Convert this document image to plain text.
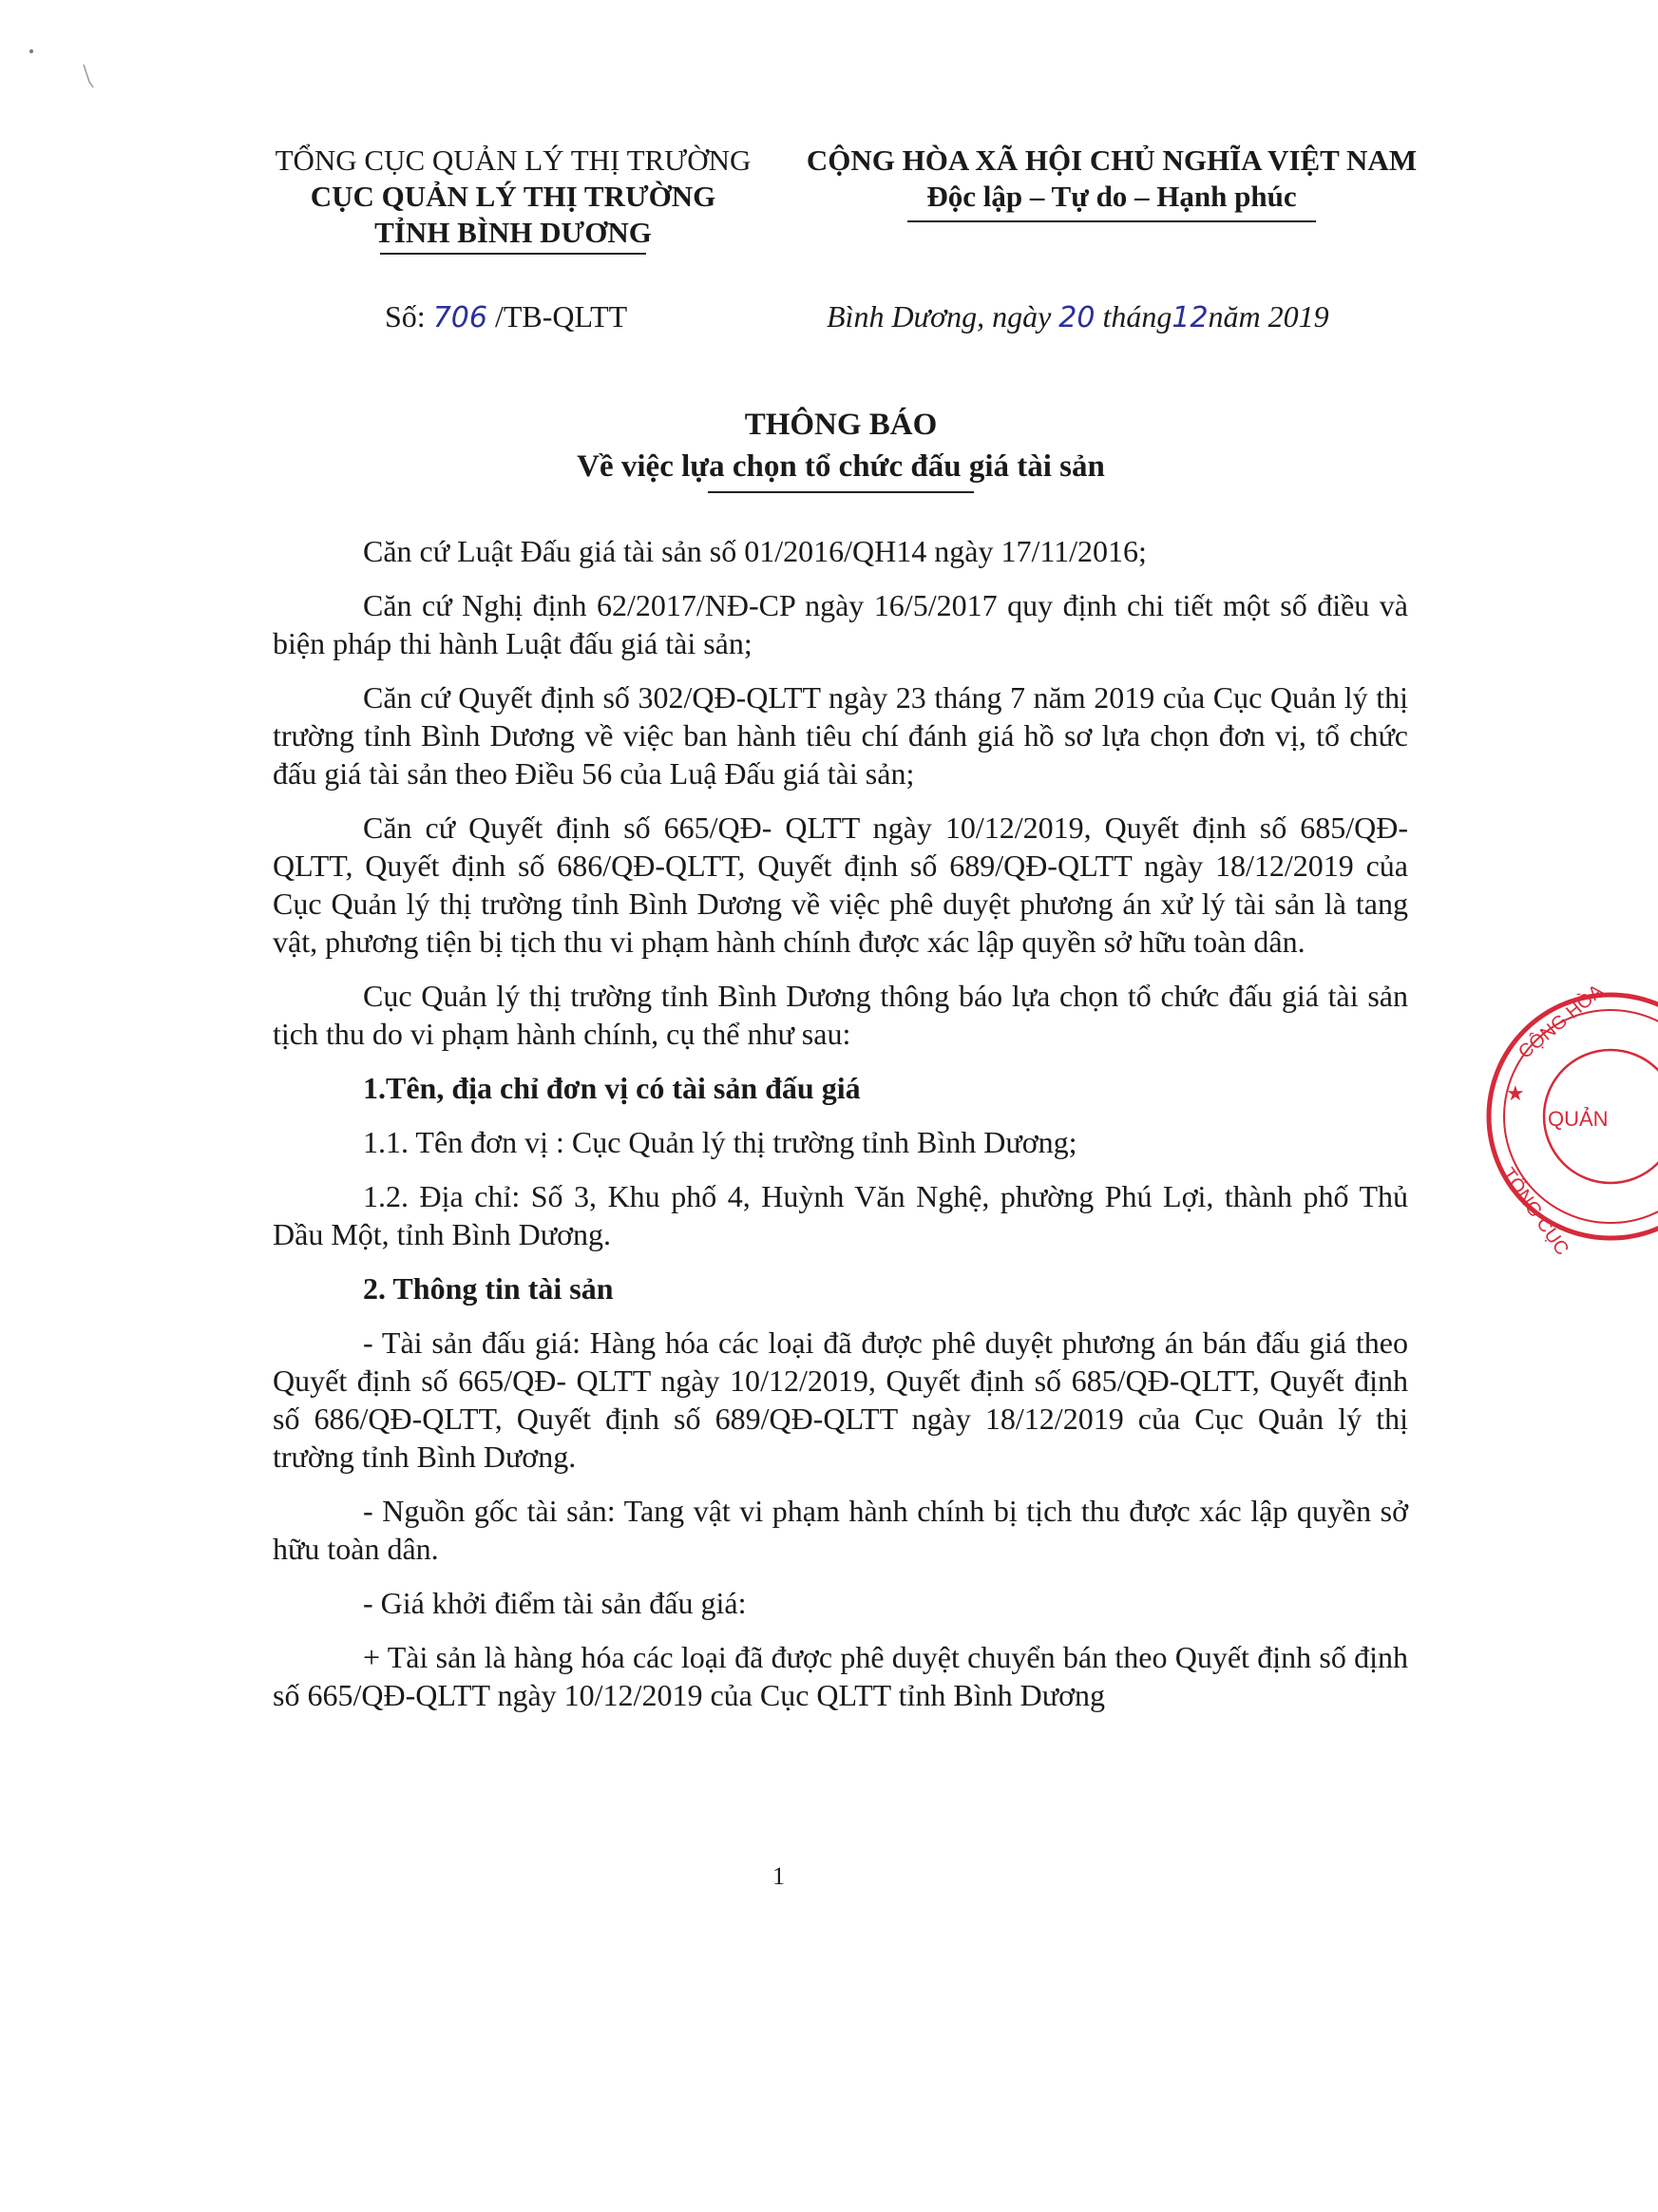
TỔNG CỤC QUẢN LÝ THỊ TRƯỜNG
CỤC QUẢN LÝ THỊ TRƯỜNG
TỈNH BÌNH DƯƠNG
CỘNG HÒA XÃ HỘI CHỦ NGHĨA VIỆT NAM
Độc lập – Tự do – Hạnh phúc
Số: 706 /TB-QLTT	Bình Dương, ngày 20 tháng12năm 2019
THÔNG BÁO
Về việc lựa chọn tổ chức đấu giá tài sản

Căn cứ Luật Đấu giá tài sản số 01/2016/QH14 ngày 17/11/2016;

Căn cứ Nghị định 62/2017/NĐ-CP ngày 16/5/2017 quy định chi tiết một số điều và biện pháp thi hành Luật đấu giá tài sản;

Căn cứ Quyết định số 302/QĐ-QLTT ngày 23 tháng 7 năm 2019 của Cục Quản lý thị trường tỉnh Bình Dương về việc ban hành tiêu chí đánh giá hồ sơ lựa chọn đơn vị, tổ chức đấu giá tài sản theo Điều 56 của Luậ Đấu giá tài sản;

Căn cứ Quyết định số 665/QĐ- QLTT ngày 10/12/2019, Quyết định số 685/QĐ-QLTT, Quyết định số 686/QĐ-QLTT, Quyết định số 689/QĐ-QLTT ngày 18/12/2019 của Cục Quản lý thị trường tỉnh Bình Dương về việc phê duyệt phương án xử lý tài sản là tang vật, phương tiện bị tịch thu vi phạm hành chính được xác lập quyền sở hữu toàn dân.

Cục Quản lý thị trường tỉnh Bình Dương thông báo lựa chọn tổ chức đấu giá tài sản tịch thu do vi phạm hành chính, cụ thể như sau:

1.Tên, địa chỉ đơn vị có tài sản đấu giá

1.1. Tên đơn vị : Cục Quản lý thị trường tỉnh Bình Dương;

1.2. Địa chỉ: Số 3, Khu phố 4, Huỳnh Văn Nghệ, phường Phú Lợi, thành phố Thủ Dầu Một, tỉnh Bình Dương.

2. Thông tin tài sản

- Tài sản đấu giá: Hàng hóa các loại đã được phê duyệt phương án bán đấu giá theo Quyết định số 665/QĐ- QLTT ngày 10/12/2019, Quyết định số 685/QĐ-QLTT, Quyết định số 686/QĐ-QLTT, Quyết định số 689/QĐ-QLTT ngày 18/12/2019 của Cục Quản lý thị trường tỉnh Bình Dương.

- Nguồn gốc tài sản: Tang vật vi phạm hành chính bị tịch thu được xác lập quyền sở hữu toàn dân.

- Giá khởi điểm tài sản đấu giá:

+ Tài sản là hàng hóa các loại đã được phê duyệt chuyển bán theo Quyết định số định số 665/QĐ-QLTT ngày 10/12/2019 của Cục QLTT tỉnh Bình Dương

CỘNG HÒA
★
QUẢN
TỔNG CỤC
1
